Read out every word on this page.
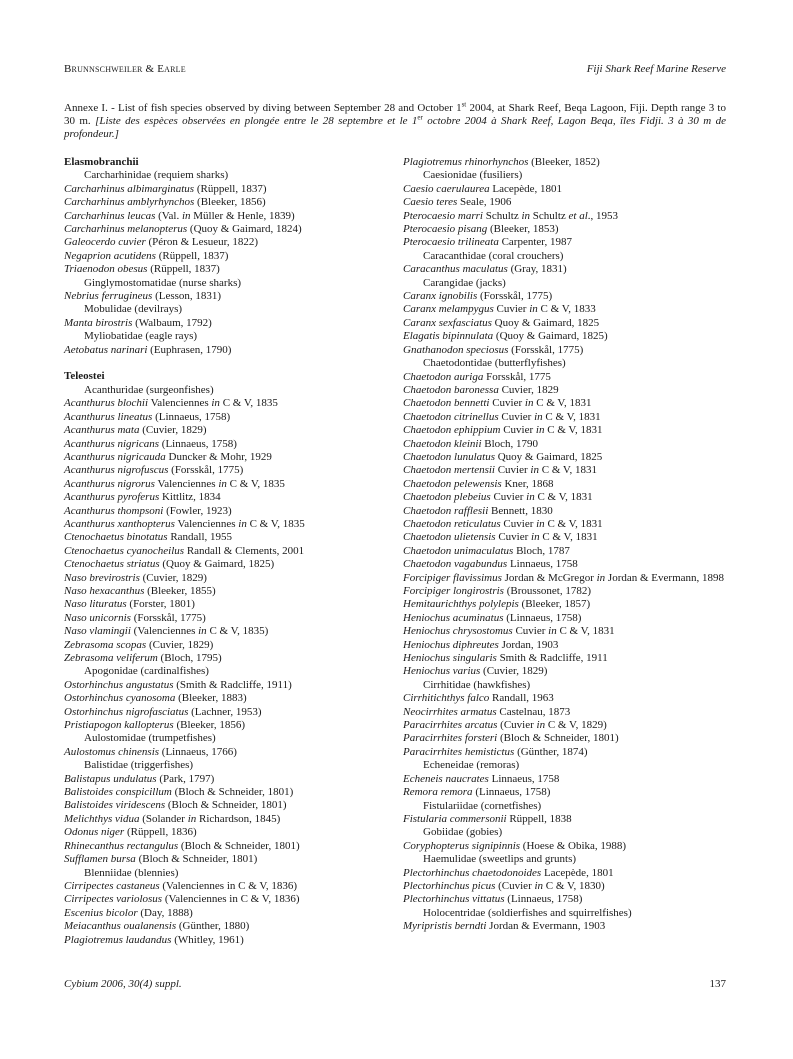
Brunnschweiler & Earle	Fiji Shark Reef Marine Reserve

Annexe I. - List of fish species observed by diving between September 28 and October 1st 2004, at Shark Reef, Beqa Lagoon, Fiji. Depth range 3 to 30 m. [Liste des espèces observées en plongée entre le 28 septembre et le 1er octobre 2004 à Shark Reef, Lagon Beqa, îles Fidji. 3 à 30 m de profondeur.]

Elasmobranchii
Carcharhinidae (requiem sharks)
Carcharhinus albimarginatus (Rüppell, 1837)
Carcharhinus amblyrhynchos (Bleeker, 1856)
Carcharhinus leucas (Val. in Müller & Henle, 1839)
Carcharhinus melanopterus (Quoy & Gaimard, 1824)
Galeocerdo cuvier (Péron & Lesueur, 1822)
Negaprion acutidens (Rüppell, 1837)
Triaenodon obesus (Rüppell, 1837)
Ginglymostomatidae (nurse sharks)
Nebrius ferrugineus (Lesson, 1831)
Mobulidae (devilrays)
Manta birostris (Walbaum, 1792)
Myliobatidae (eagle rays)
Aetobatus narinari (Euphrasen, 1790)
Teleostei
Acanthuridae (surgeonfishes)
Acanthurus blochii Valenciennes in C & V, 1835
Acanthurus lineatus (Linnaeus, 1758)
Acanthurus mata (Cuvier, 1829)
Acanthurus nigricans (Linnaeus, 1758)
Acanthurus nigricauda Duncker & Mohr, 1929
Acanthurus nigrofuscus (Forsskål, 1775)
Acanthurus nigrorus Valenciennes in C & V, 1835
Acanthurus pyroferus Kittlitz, 1834
Acanthurus thompsoni (Fowler, 1923)
Acanthurus xanthopterus Valenciennes in C & V, 1835
Ctenochaetus binotatus Randall, 1955
Ctenochaetus cyanocheilus Randall & Clements, 2001
Ctenochaetus striatus (Quoy & Gaimard, 1825)
Naso brevirostris (Cuvier, 1829)
Naso hexacanthus (Bleeker, 1855)
Naso lituratus (Forster, 1801)
Naso unicornis (Forsskål, 1775)
Naso vlamingii (Valenciennes in C & V, 1835)
Zebrasoma scopas (Cuvier, 1829)
Zebrasoma veliferum (Bloch, 1795)
Apogonidae (cardinalfishes)
Ostorhinchus angustatus (Smith & Radcliffe, 1911)
Ostorhinchus cyanosoma (Bleeker, 1883)
Ostorhinchus nigrofasciatus (Lachner, 1953)
Pristiapogon kallopterus (Bleeker, 1856)
Aulostomidae (trumpetfishes)
Aulostomus chinensis (Linnaeus, 1766)
Balistidae (triggerfishes)
Balistapus undulatus (Park, 1797)
Balistoides conspicillum (Bloch & Schneider, 1801)
Balistoides viridescens (Bloch & Schneider, 1801)
Melichthys vidua (Solander in Richardson, 1845)
Odonus niger (Rüppell, 1836)
Rhinecanthus rectangulus (Bloch & Schneider, 1801)
Sufflamen bursa (Bloch & Schneider, 1801)
Blenniidae (blennies)
Cirripectes castaneus (Valenciennes in C & V, 1836)
Cirripectes variolosus (Valenciennes in C & V, 1836)
Escenius bicolor (Day, 1888)
Meiacanthus oualanensis (Günther, 1880)
Plagiotremus laudandus (Whitley, 1961)
Plagiotremus rhinorhynchos (Bleeker, 1852)
Caesionidae (fusiliers)
Caesio caerulaurea Lacepède, 1801
Caesio teres Seale, 1906
Pterocaesio marri Schultz in Schultz et al., 1953
Pterocaesio pisang (Bleeker, 1853)
Pterocaesio trilineata Carpenter, 1987
Caracanthidae (coral crouchers)
Caracanthus maculatus (Gray, 1831)
Carangidae (jacks)
Caranx ignobilis (Forsskål, 1775)
Caranx melampygus Cuvier in C & V, 1833
Caranx sexfasciatus Quoy & Gaimard, 1825
Elagatis bipinnulata (Quoy & Gaimard, 1825)
Gnathanodon speciosus (Forsskål, 1775)
Chaetodontidae (butterflyfishes)
Chaetodon auriga Forsskål, 1775
Chaetodon baronessa Cuvier, 1829
Chaetodon bennetti Cuvier in C & V, 1831
Chaetodon citrinellus Cuvier in C & V, 1831
Chaetodon ephippium Cuvier in C & V, 1831
Chaetodon kleinii Bloch, 1790
Chaetodon lunulatus Quoy & Gaimard, 1825
Chaetodon mertensii Cuvier in C & V, 1831
Chaetodon pelewensis Kner, 1868
Chaetodon plebeius Cuvier in C & V, 1831
Chaetodon rafflesii Bennett, 1830
Chaetodon reticulatus Cuvier in C & V, 1831
Chaetodon ulietensis Cuvier in C & V, 1831
Chaetodon unimaculatus Bloch, 1787
Chaetodon vagabundus Linnaeus, 1758
Forcipiger flavissimus Jordan & McGregor in Jordan & Evermann, 1898
Forcipiger longirostris (Broussonet, 1782)
Hemitaurichthys polylepis (Bleeker, 1857)
Heniochus acuminatus (Linnaeus, 1758)
Heniochus chrysostomus Cuvier in C & V, 1831
Heniochus diphreutes Jordan, 1903
Heniochus singularis Smith & Radcliffe, 1911
Heniochus varius (Cuvier, 1829)
Cirrhitidae (hawkfishes)
Cirrhitichthys falco Randall, 1963
Neocirrhites armatus Castelnau, 1873
Paracirrhites arcatus (Cuvier in C & V, 1829)
Paracirrhites forsteri (Bloch & Schneider, 1801)
Paracirrhites hemistictus (Günther, 1874)
Echeneidae (remoras)
Echeneis naucrates Linnaeus, 1758
Remora remora (Linnaeus, 1758)
Fistulariidae (cornetfishes)
Fistularia commersonii Rüppell, 1838
Gobiidae (gobies)
Coryphopterus signipinnis (Hoese & Obika, 1988)
Haemulidae (sweetlips and grunts)
Plectorhinchus chaetodonoides Lacepède, 1801
Plectorhinchus picus (Cuvier in C & V, 1830)
Plectorhinchus vittatus (Linnaeus, 1758)
Holocentridae (soldierfishes and squirrelfishes)
Myripristis berndti Jordan & Evermann, 1903
Cybium 2006, 30(4) suppl.	137
